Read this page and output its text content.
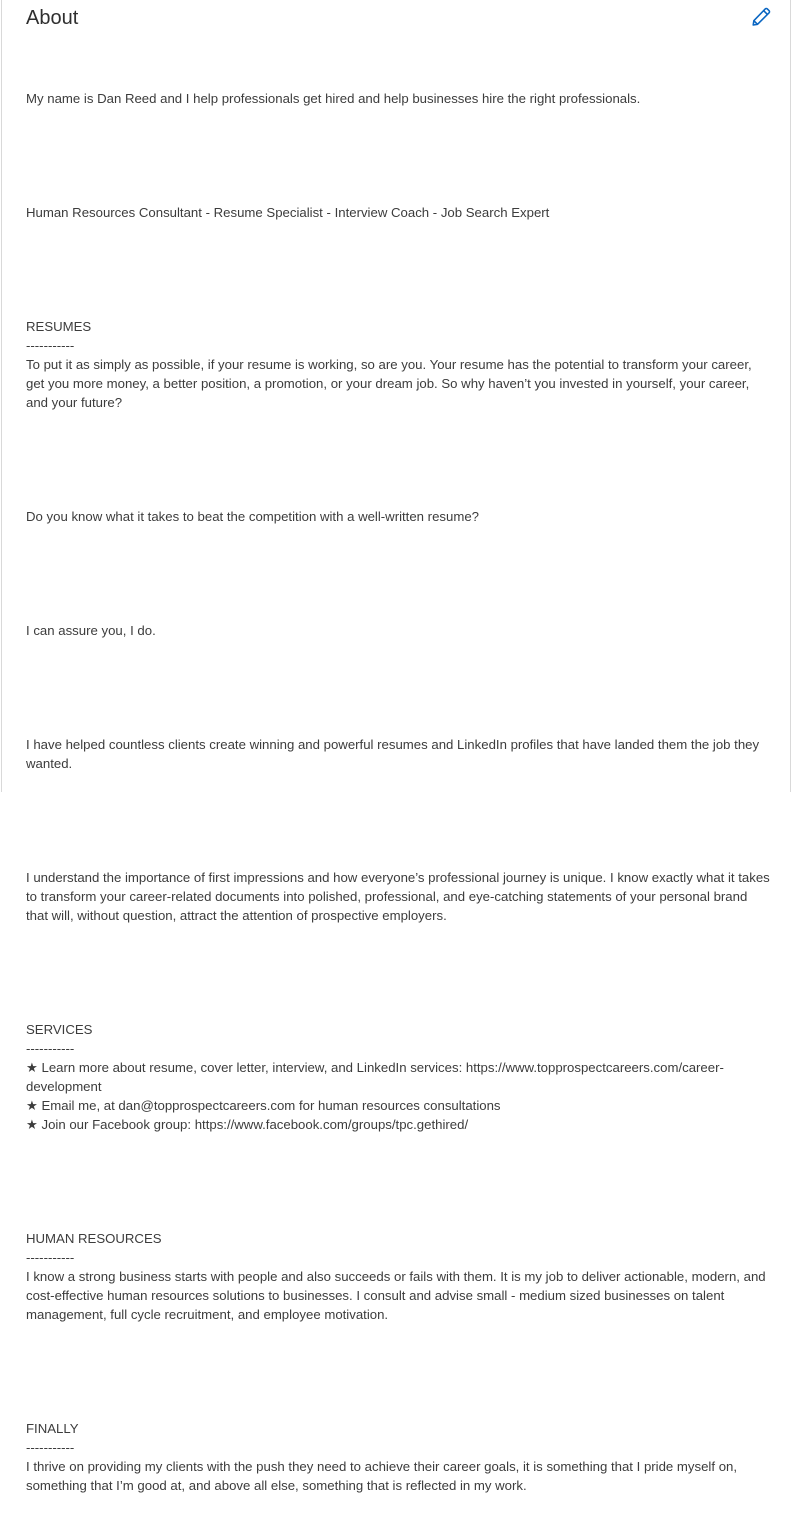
About

My name is Dan Reed and I help professionals get hired and help businesses hire the right professionals.

Human Resources Consultant - Resume Specialist - Interview Coach - Job Search Expert

RESUMES
-----------
To put it as simply as possible, if your resume is working, so are you. Your resume has the potential to transform your career, get you more money, a better position, a promotion, or your dream job. So why haven’t you invested in yourself, your career, and your future?

Do you know what it takes to beat the competition with a well-written resume?

I can assure you, I do.

I have helped countless clients create winning and powerful resumes and LinkedIn profiles that have landed them the job they wanted.

I understand the importance of first impressions and how everyone’s professional journey is unique. I know exactly what it takes to transform your career-related documents into polished, professional, and eye-catching statements of your personal brand that will, without question, attract the attention of prospective employers.

SERVICES
-----------
★ Learn more about resume, cover letter, interview, and LinkedIn services: https://www.topprospectcareers.com/career-development
★ Email me, at dan@topprospectcareers.com for human resources consultations
★ Join our Facebook group: https://www.facebook.com/groups/tpc.gethired/

HUMAN RESOURCES
-----------
I know a strong business starts with people and also succeeds or fails with them. It is my job to deliver actionable, modern, and cost-effective human resources solutions to businesses. I consult and advise small - medium sized businesses on talent management, full cycle recruitment, and employee motivation.

FINALLY
-----------
I thrive on providing my clients with the push they need to achieve their career goals, it is something that I pride myself on, something that I’m good at, and above all else, something that is reflected in my work.
